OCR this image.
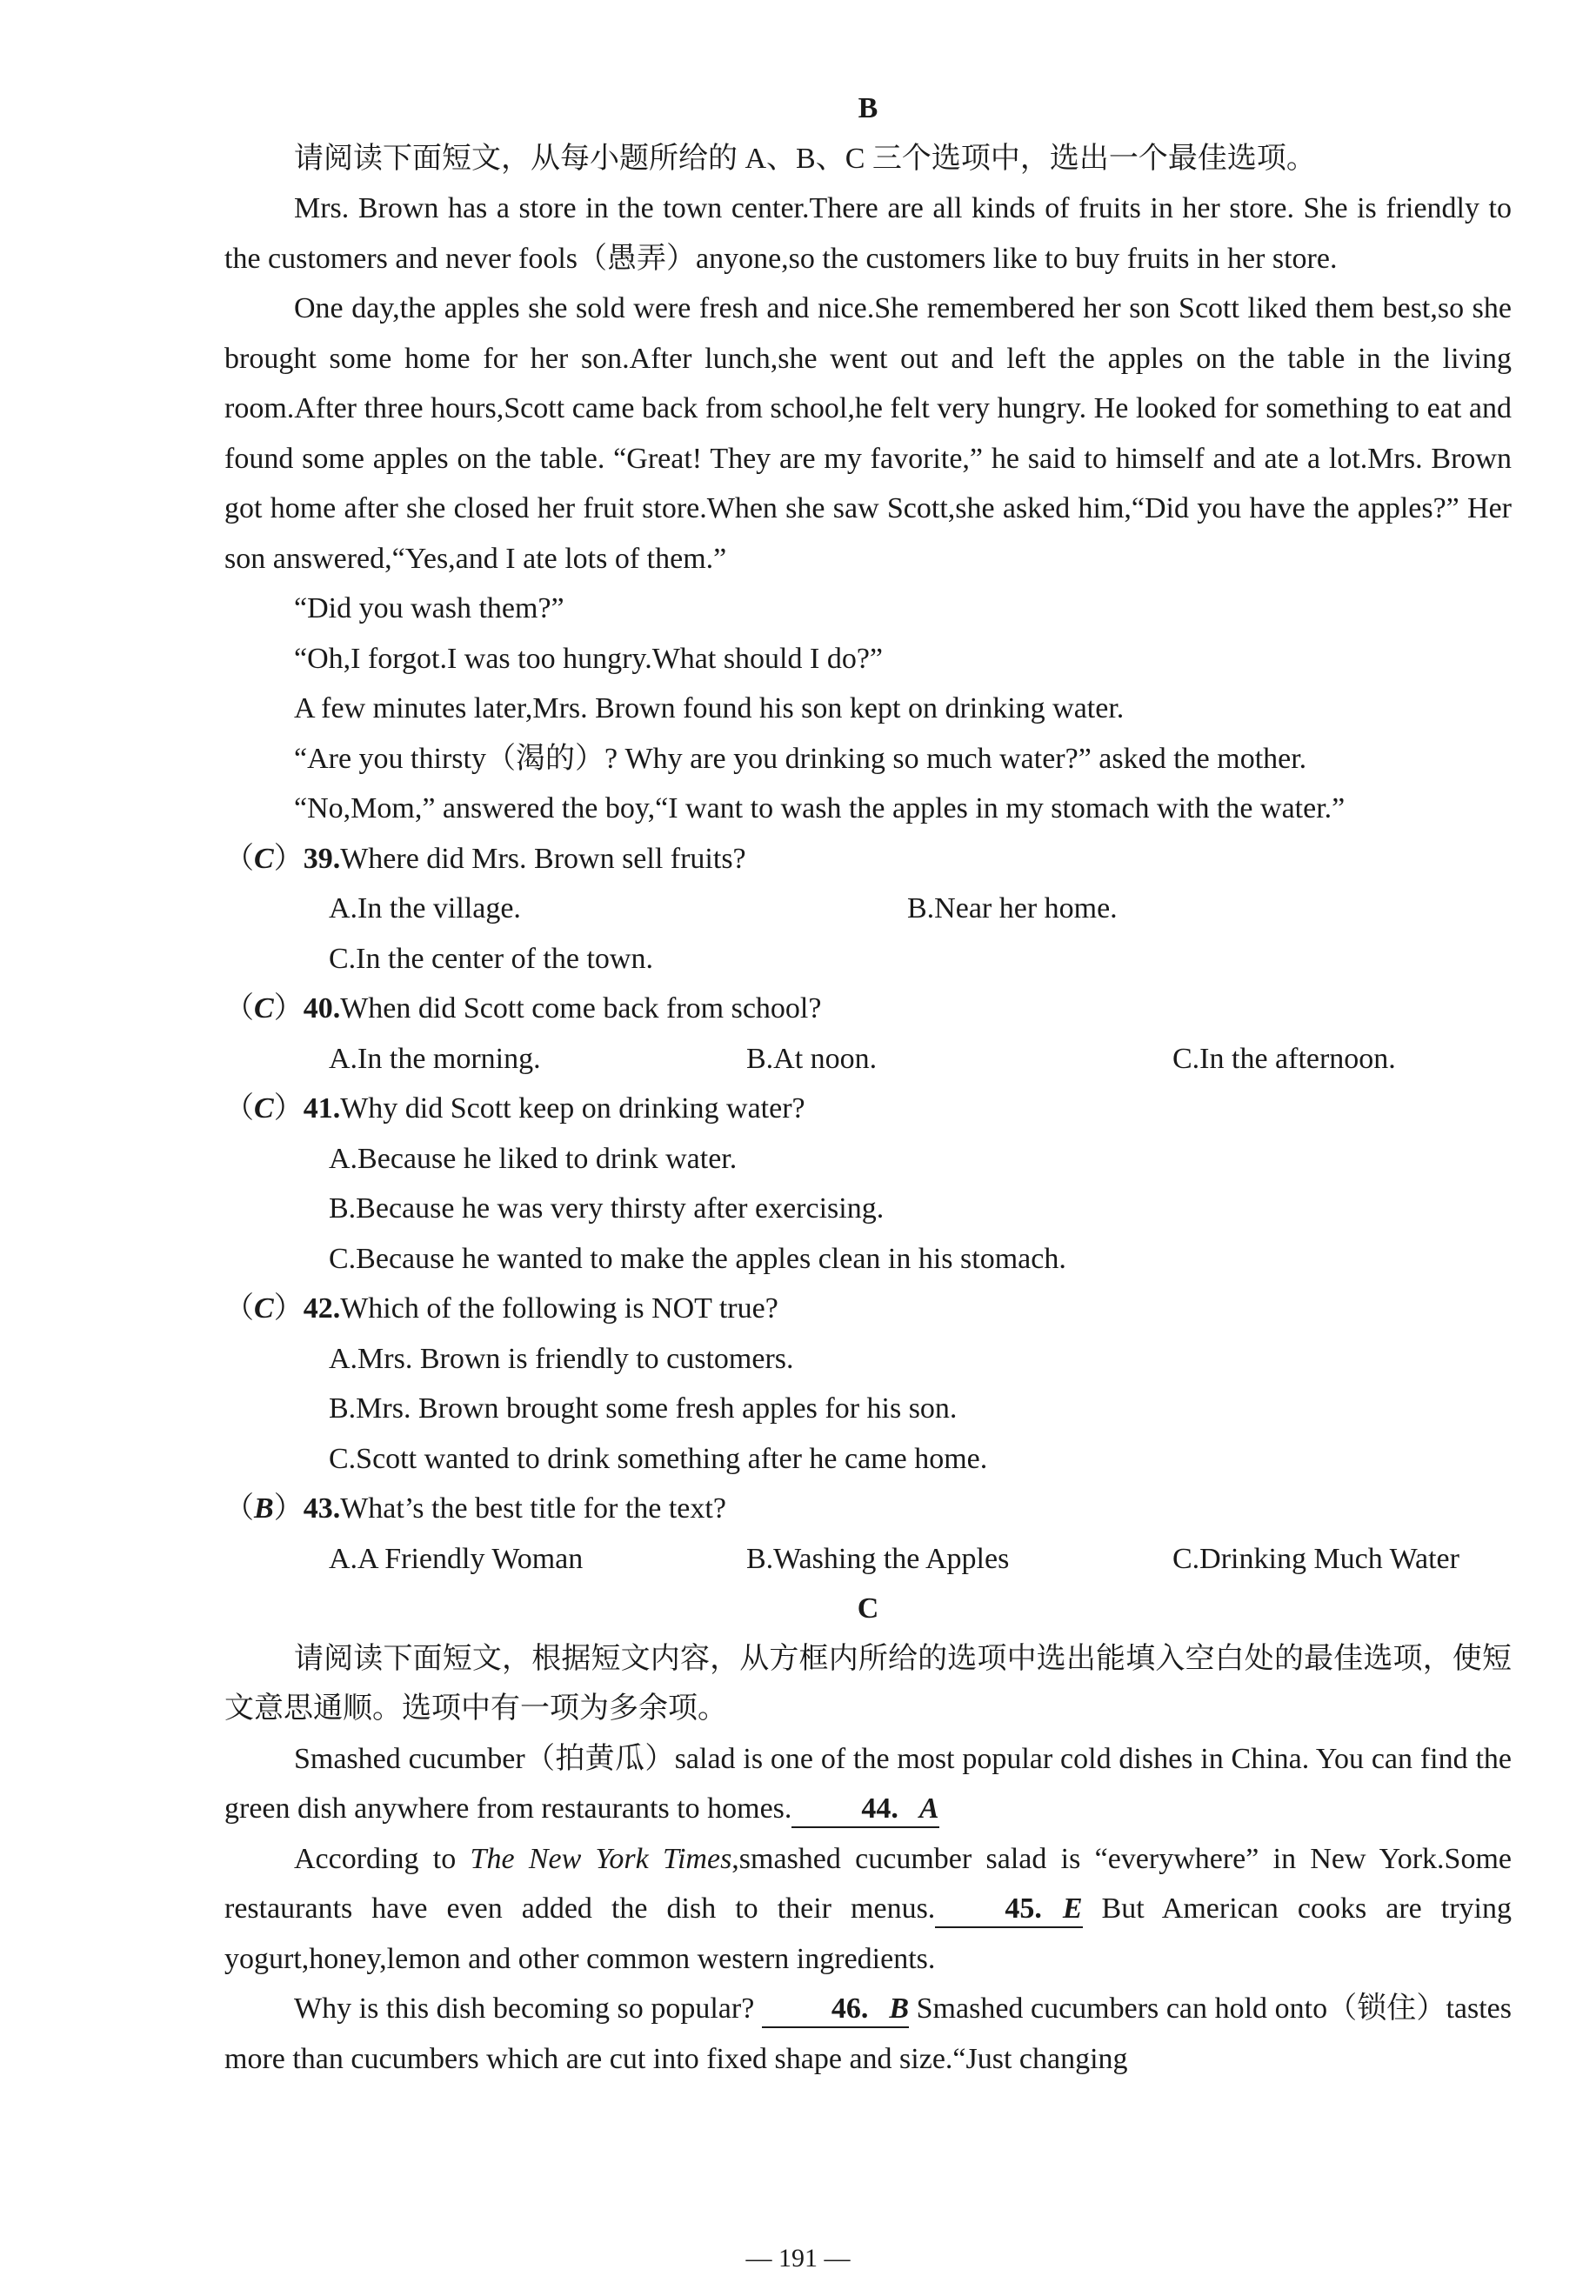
B

请阅读下面短文，从每小题所给的 A、B、C 三个选项中，选出一个最佳选项。

Mrs. Brown has a store in the town center.There are all kinds of fruits in her store. She is friendly to the customers and never fools（愚弄）anyone,so the customers like to buy fruits in her store.

One day,the apples she sold were fresh and nice.She remembered her son Scott liked them best,so she brought some home for her son.After lunch,she went out and left the apples on the table in the living room.After three hours,Scott came back from school,he felt very hungry. He looked for something to eat and found some apples on the table. “Great! They are my favorite,” he said to himself and ate a lot.Mrs. Brown got home after she closed her fruit store.When she saw Scott,she asked him,“Did you have the apples?” Her son answered,“Yes,and I ate lots of them.”

“Did you wash them?”

“Oh,I forgot.I was too hungry.What should I do?”

A few minutes later,Mrs. Brown found his son kept on drinking water.

“Are you thirsty（渴的）? Why are you drinking so much water?” asked the mother.

“No,Mom,” answered the boy,“I want to wash the apples in my stomach with the water.”

（C）39.Where did Mrs. Brown sell fruits?

A.In the village.	B.Near her home.

C.In the center of the town.

（C）40.When did Scott come back from school?

A.In the morning.	B.At noon.	C.In the afternoon.

（C）41.Why did Scott keep on drinking water?

A.Because he liked to drink water.

B.Because he was very thirsty after exercising.

C.Because he wanted to make the apples clean in his stomach.

（C）42.Which of the following is NOT true?

A.Mrs. Brown is friendly to customers.

B.Mrs. Brown brought some fresh apples for his son.

C.Scott wanted to drink something after he came home.

（B）43.What’s the best title for the text?

A.A Friendly Woman	B.Washing the Apples	C.Drinking Much Water

C

请阅读下面短文，根据短文内容，从方框内所给的选项中选出能填入空白处的最佳选项，使短文意思通顺。选项中有一项为多余项。

Smashed cucumber（拍黄瓜）salad is one of the most popular cold dishes in China. You can find the green dish anywhere from restaurants to homes. 44. A

According to The New York Times,smashed cucumber salad is “everywhere” in New York.Some restaurants have even added the dish to their menus. 45. E But American cooks are trying yogurt,honey,lemon and other common western ingredients.

Why is this dish becoming so popular? 46. B Smashed cucumbers can hold onto（锁住）tastes more than cucumbers which are cut into fixed shape and size.“Just changing

— 191 —
